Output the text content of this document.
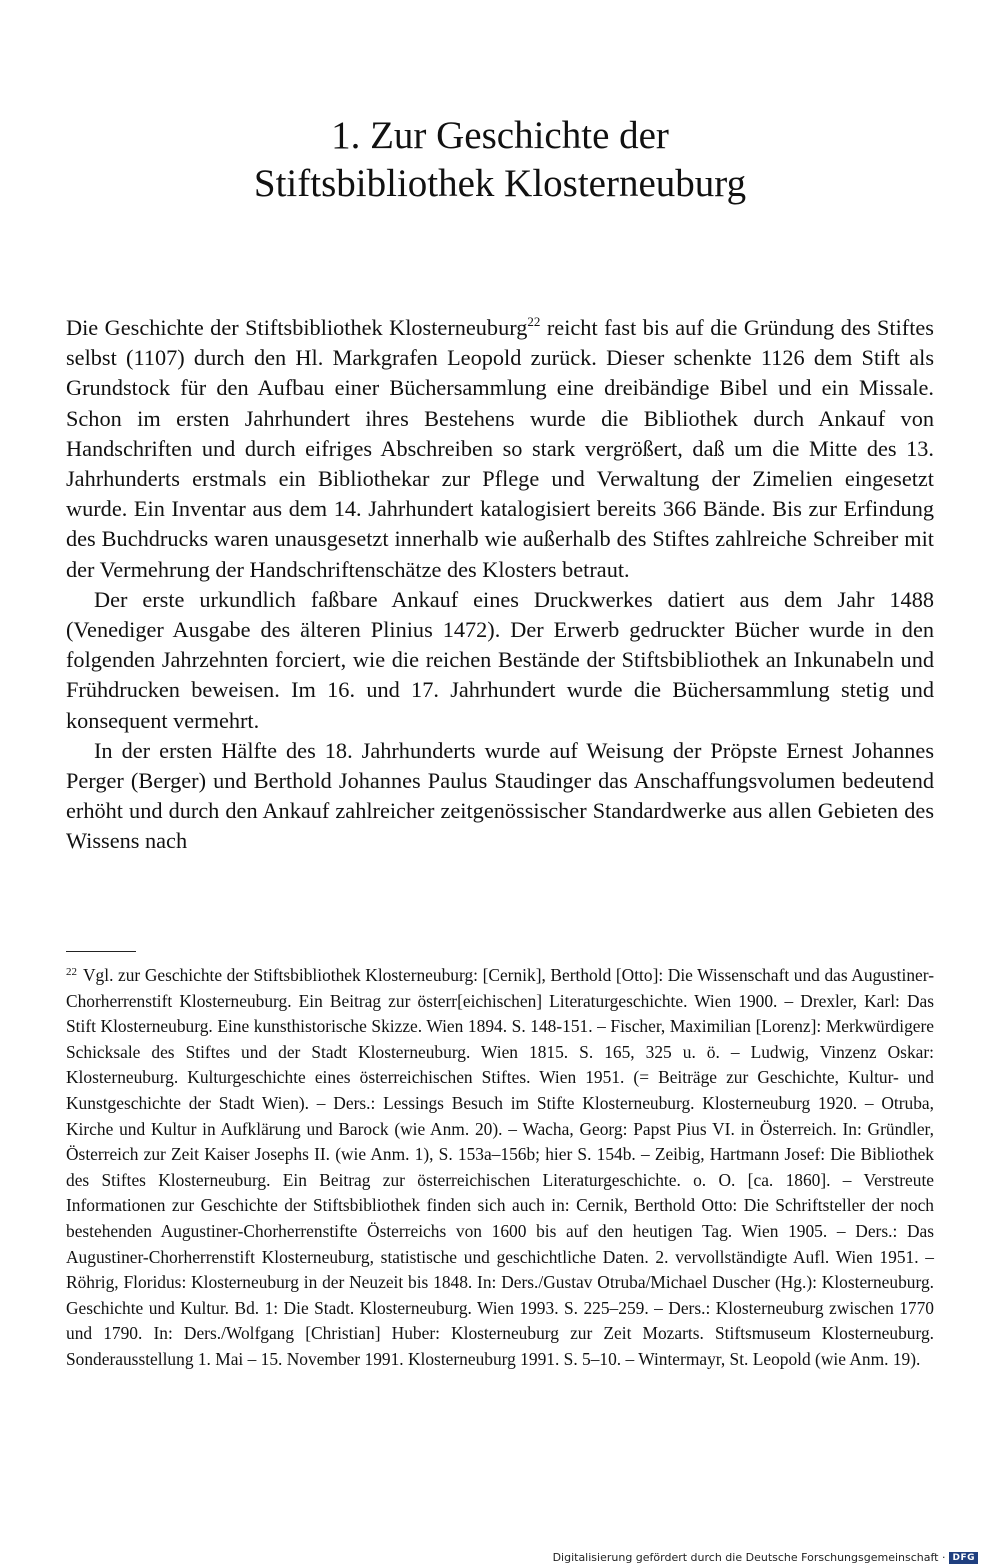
1. Zur Geschichte der
Stiftsbibliothek Klosterneuburg

Die Geschichte der Stiftsbibliothek Klosterneuburg$^{22}$ reicht fast bis auf die Gründung des Stiftes selbst (1107) durch den Hl. Markgrafen Leopold zurück. Dieser schenkte 1126 dem Stift als Grundstock für den Aufbau einer Büchersammlung eine dreibändige Bibel und ein Missale. Schon im ersten Jahrhundert ihres Bestehens wurde die Bibliothek durch Ankauf von Handschriften und durch eifriges Abschreiben so stark vergrößert, daß um die Mitte des 13. Jahrhunderts erstmals ein Bibliothekar zur Pflege und Verwaltung der Zimelien eingesetzt wurde. Ein Inventar aus dem 14. Jahrhundert katalogisiert bereits 366 Bände. Bis zur Erfindung des Buchdrucks waren unausgesetzt innerhalb wie außerhalb des Stiftes zahlreiche Schreiber mit der Vermehrung der Handschriftenschätze des Klosters betraut.

Der erste urkundlich faßbare Ankauf eines Druckwerkes datiert aus dem Jahr 1488 (Venediger Ausgabe des älteren Plinius 1472). Der Erwerb gedruckter Bücher wurde in den folgenden Jahrzehnten forciert, wie die reichen Bestände der Stiftsbibliothek an Inkunabeln und Frühdrucken beweisen. Im 16. und 17. Jahrhundert wurde die Büchersammlung stetig und konsequent vermehrt.

In der ersten Hälfte des 18. Jahrhunderts wurde auf Weisung der Pröpste Ernest Johannes Perger (Berger) und Berthold Johannes Paulus Staudinger das Anschaffungsvolumen bedeutend erhöht und durch den Ankauf zahlreicher zeitgenössischer Standardwerke aus allen Gebieten des Wissens nach

$^{22}$ Vgl. zur Geschichte der Stiftsbibliothek Klosterneuburg: [Cernik], Berthold [Otto]: Die Wissenschaft und das Augustiner-Chorherrenstift Klosterneuburg. Ein Beitrag zur österr[eichischen] Literaturgeschichte. Wien 1900. – Drexler, Karl: Das Stift Klosterneuburg. Eine kunsthistorische Skizze. Wien 1894. S. 148-151. – Fischer, Maximilian [Lorenz]: Merkwürdigere Schicksale des Stiftes und der Stadt Klosterneuburg. Wien 1815. S. 165, 325 u. ö. – Ludwig, Vinzenz Oskar: Klosterneuburg. Kulturgeschichte eines österreichischen Stiftes. Wien 1951. (= Beiträge zur Geschichte, Kultur- und Kunstgeschichte der Stadt Wien). – Ders.: Lessings Besuch im Stifte Klosterneuburg. Klosterneuburg 1920. – Otruba, Kirche und Kultur in Aufklärung und Barock (wie Anm. 20). – Wacha, Georg: Papst Pius VI. in Österreich. In: Gründler, Österreich zur Zeit Kaiser Josephs II. (wie Anm. 1), S. 153a–156b; hier S. 154b. – Zeibig, Hartmann Josef: Die Bibliothek des Stiftes Klosterneuburg. Ein Beitrag zur österreichischen Literaturgeschichte. o. O. [ca. 1860]. – Verstreute Informationen zur Geschichte der Stiftsbibliothek finden sich auch in: Cernik, Berthold Otto: Die Schriftsteller der noch bestehenden Augustiner-Chorherrenstifte Österreichs von 1600 bis auf den heutigen Tag. Wien 1905. – Ders.: Das Augustiner-Chorherrenstift Klosterneuburg, statistische und geschichtliche Daten. 2. vervollständigte Aufl. Wien 1951. – Röhrig, Floridus: Klosterneuburg in der Neuzeit bis 1848. In: Ders./Gustav Otruba/Michael Duscher (Hg.): Klosterneuburg. Geschichte und Kultur. Bd. 1: Die Stadt. Klosterneuburg. Wien 1993. S. 225–259. – Ders.: Klosterneuburg zwischen 1770 und 1790. In: Ders./Wolfgang [Christian] Huber: Klosterneuburg zur Zeit Mozarts. Stiftsmuseum Klosterneuburg. Sonderausstellung 1. Mai – 15. November 1991. Klosterneuburg 1991. S. 5–10. – Wintermayr, St. Leopold (wie Anm. 19).
Digitalisierung gefördert durch die Deutsche Forschungsgemeinschaft · DFG
